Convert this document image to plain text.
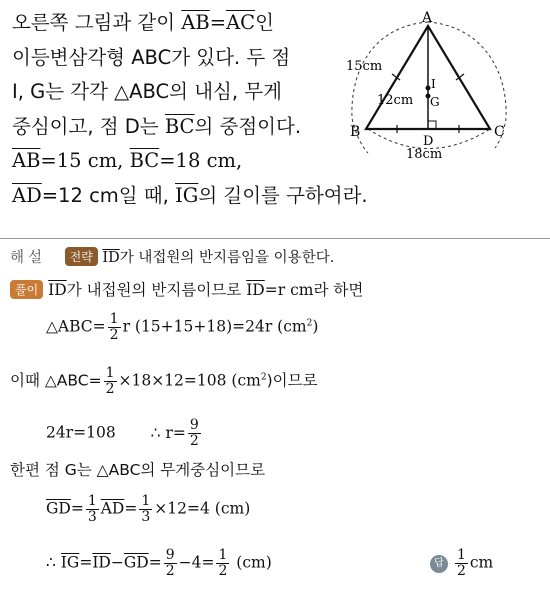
오른쪽 그림과 같이 $\overline{AB}=\overline{AC}$인
이등변삼각형 ABC가 있다. 두 점
I, G는 각각 △ABC의 내심, 무게
중심이고, 점 D는 $\overline{BC}$의 중점이다.
$\overline{AB}=15$ cm, $\overline{BC}=18$ cm,
$\overline{AD}=12$ cm일 때, $\overline{IG}$의 길이를 구하여라.
A
B	C
D
I
G
15cm
12cm
18cm
해설 전략 $\overline{ID}$가 내접원의 반지름임을 이용한다.
풀이 $\overline{ID}$가 내접원의 반지름이므로 $\overline{ID}=r$ cm라 하면
△ABC= $\frac{1}{2}$ r (15+15+18)=24r $(cm^2)$
이때 △ABC= $\frac{1}{2} \times 18\times 12=108$ $(cm^2)$이므로
24r=108 ∴ $r= \frac{9}{2}$
한편 점 G는 △ABC의 무게중심이므로
$\overline{GD}= \frac{1}{3} \overline{AD}= \frac{1}{3} \times 12=4$ (cm)
∴ $\overline{IG}=\overline{ID}-\overline{GD}= \frac{9}{2} -4= \frac{1}{2} (cm)$	답 $\frac{1}{2}$ cm
